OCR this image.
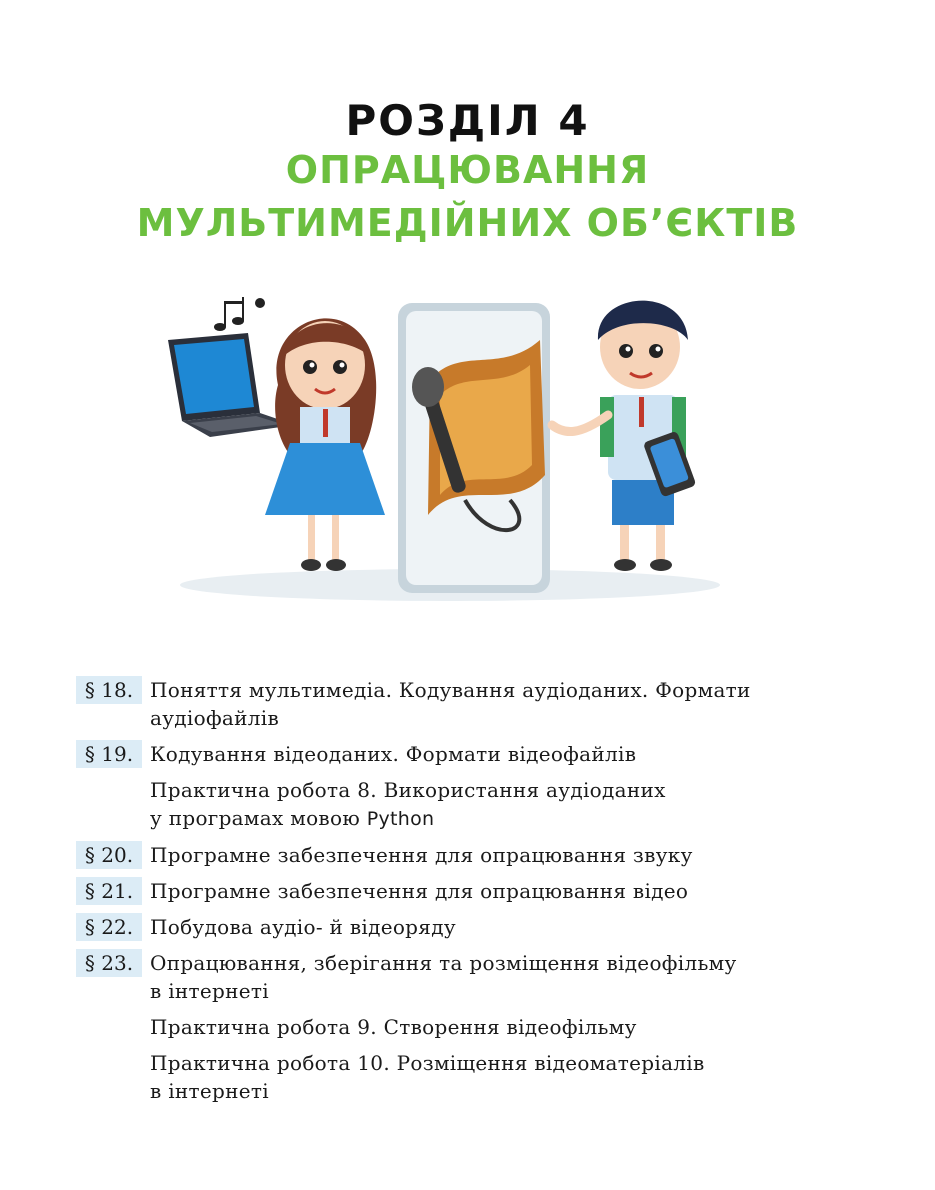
РОЗДІЛ 4
ОПРАЦЮВАННЯ
МУЛЬТИМЕДІЙНИХ ОБ’ЄКТІВ
§ 18. Поняття мультимедіа. Кодування аудіоданих. Формати
аудіофайлів
§ 19. Кодування відеоданих. Формати відеофайлів
Практична робота 8. Використання аудіоданих
у програмах мовою Python
§ 20. Програмне забезпечення для опрацювання звуку
§ 21. Програмне забезпечення для опрацювання відео
§ 22. Побудова аудіо- й відеоряду
§ 23. Опрацювання, зберігання та розміщення відеофільму
в інтернеті
Практична робота 9. Створення відеофільму
Практична робота 10. Розміщення відеоматеріалів
в інтернеті
